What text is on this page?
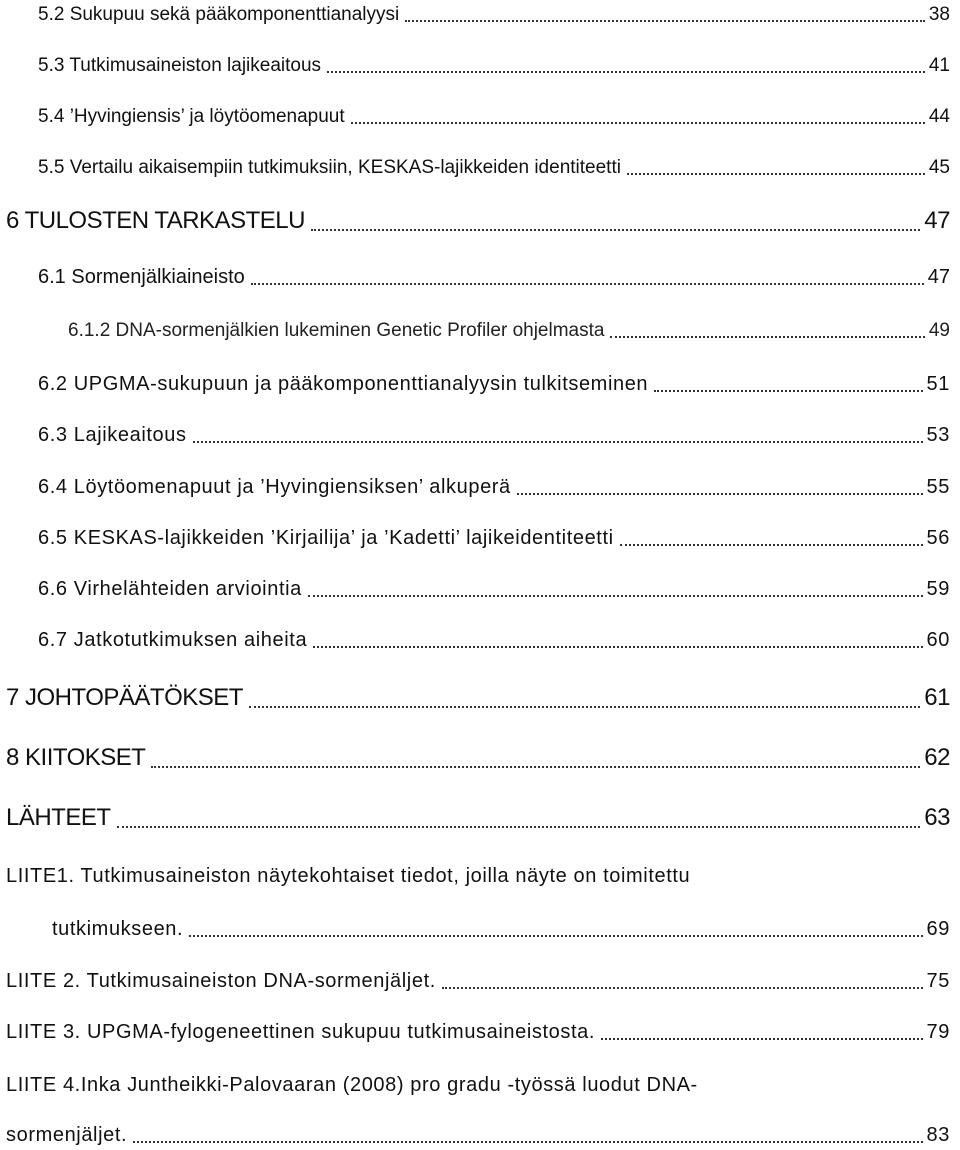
5.2 Sukupuu sekä pääkomponenttianalyysi	38
5.3 Tutkimusaineiston lajikeaitous	41
5.4 ’Hyvingiensis’ ja löytöomenapuut	44
5.5 Vertailu aikaisempiin tutkimuksiin, KESKAS-lajikkeiden identiteetti	45
6 TULOSTEN TARKASTELU	47
6.1 Sormenjälkiaineisto	47
6.1.2 DNA-sormenjälkien lukeminen Genetic Profiler ohjelmasta	49
6.2 UPGMA-sukupuun ja pääkomponenttianalyysin tulkitseminen	51
6.3 Lajikeaitous	53
6.4 Löytöomenapuut ja ’Hyvingiensiksen’ alkuperä	55
6.5 KESKAS-lajikkeiden ’Kirjailija’ ja ’Kadetti’ lajikeidentiteetti	56
6.6 Virhelähteiden arviointia	59
6.7 Jatkotutkimuksen aiheita	60
7 JOHTOPÄÄTÖKSET	61
8 KIITOKSET	62
LÄHTEET	63
LIITE1. Tutkimusaineiston näytekohtaiset tiedot, joilla näyte on toimitettu
tutkimukseen.	69
LIITE 2. Tutkimusaineiston DNA-sormenjäljet.	75
LIITE 3. UPGMA-fylogeneettinen sukupuu tutkimusaineistosta.	79
LIITE 4.Inka Juntheikki-Palovaaran (2008) pro gradu -työssä luodut DNA-
sormenjäljet.	83
